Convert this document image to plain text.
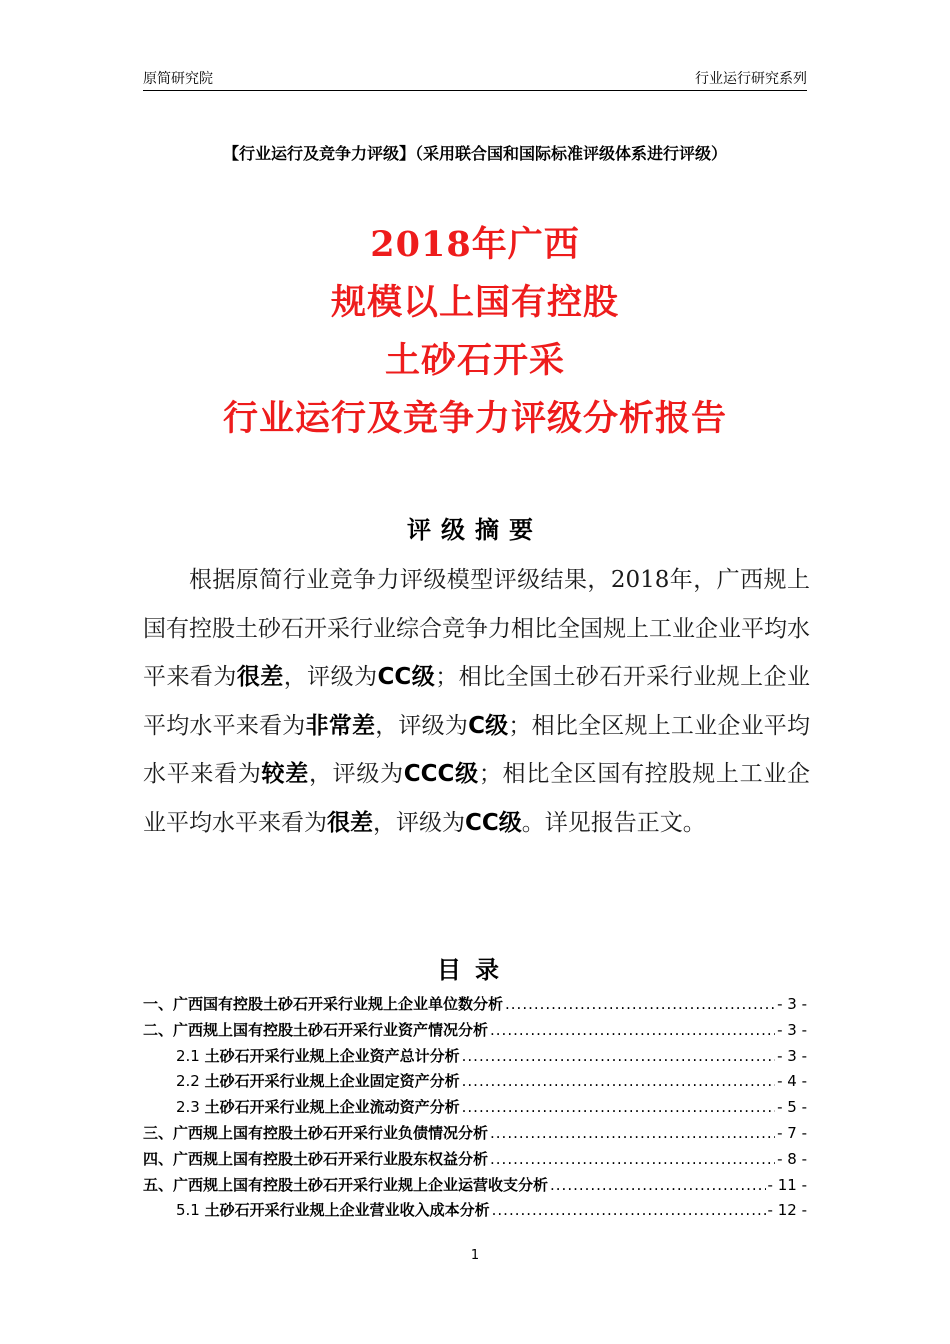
原简研究院	行业运行研究系列
【行业运行及竞争力评级】（采用联合国和国际标准评级体系进行评级）
2018年广西
规模以上国有控股
土砂石开采
行业运行及竞争力评级分析报告
评级摘要

根据原简行业竞争力评级模型评级结果，2018年，广西规上国有控股土砂石开采行业综合竞争力相比全国规上工业企业平均水平来看为很差，评级为CC级；相比全国土砂石开采行业规上企业平均水平来看为非常差，评级为C级；相比全区规上工业企业平均水平来看为较差，评级为CCC级；相比全区国有控股规上工业企业平均水平来看为很差，评级为CC级。详见报告正文。

目录
一、广西国有控股土砂石开采行业规上企业单位数分析 .....	- 3 -
二、广西规上国有控股土砂石开采行业资产情况分析 .....	- 3 -
2.1 土砂石开采行业规上企业资产总计分析 .....	- 3 -
2.2 土砂石开采行业规上企业固定资产分析 .....	- 4 -
2.3 土砂石开采行业规上企业流动资产分析 .....	- 5 -
三、广西规上国有控股土砂石开采行业负债情况分析 .....	- 7 -
四、广西规上国有控股土砂石开采行业股东权益分析 .....	- 8 -
五、广西规上国有控股土砂石开采行业规上企业运营收支分析 .....	- 11 -
5.1 土砂石开采行业规上企业营业收入成本分析 .....	- 12 -
1
